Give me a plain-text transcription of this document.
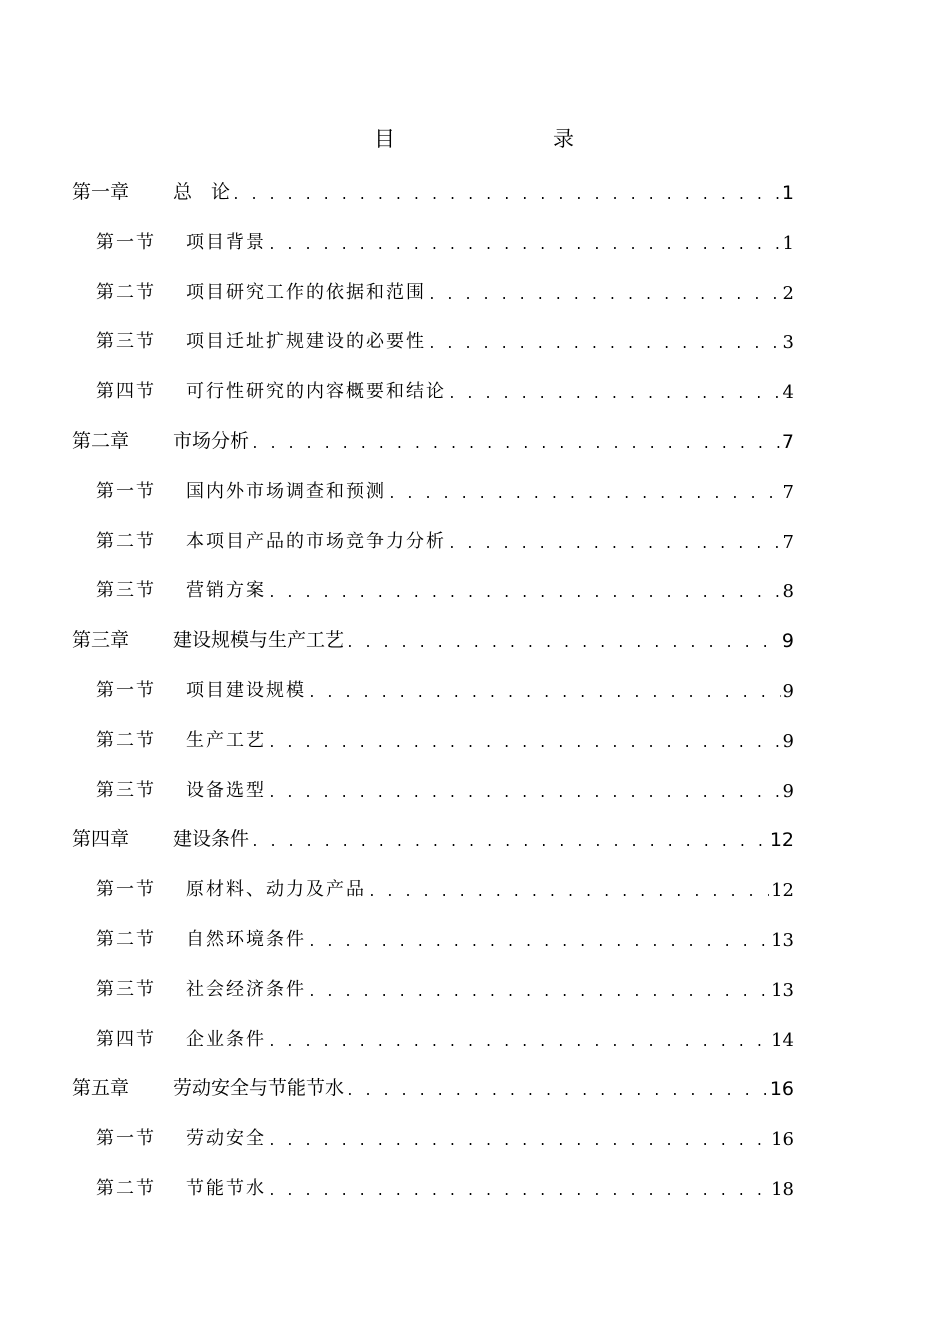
目	录
第一章	总　论 . . .	1
第一节	项目背景 . . .	1
第二节	项目研究工作的依据和范围 . . .	2
第三节	项目迁址扩规建设的必要性 . . .	3
第四节	可行性研究的内容概要和结论 . . .	4
第二章	市场分析 . . .	7
第一节	国内外市场调查和预测 . . .	7
第二节	本项目产品的市场竞争力分析 . . .	7
第三节	营销方案 . . .	8
第三章	建设规模与生产工艺 . . .	9
第一节	项目建设规模 . . .	9
第二节	生产工艺 . . .	9
第三节	设备选型 . . .	9
第四章	建设条件 . . .	12
第一节	原材料、动力及产品 . . .	12
第二节	自然环境条件 . . .	13
第三节	社会经济条件 . . .	13
第四节	企业条件 . . .	14
第五章	劳动安全与节能节水 . . .	16
第一节	劳动安全 . . .	16
第二节	节能节水 . . .	18
